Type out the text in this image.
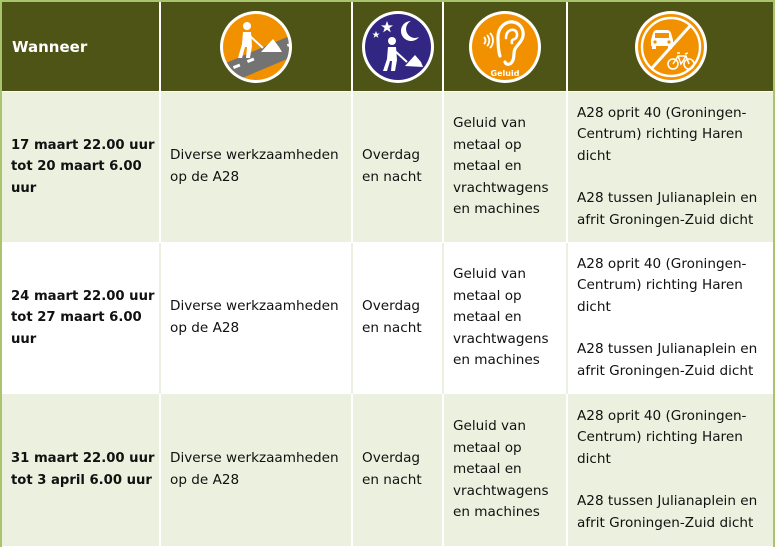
Wanneer			Geluid

17 maart 22.00 uur tot 20 maart 6.00 uur	Diverse werkzaamheden op de A28	Overdag en nacht	Geluid van metaal op metaal en vrachtwagens en machines	A28 oprit 40 (Groningen-Centrum) richting Haren dicht
A28 tussen Julianaplein en afrit Groningen-Zuid dicht

24 maart 22.00 uur tot 27 maart 6.00 uur	Diverse werkzaamheden op de A28	Overdag en nacht	Geluid van metaal op metaal en vrachtwagens en machines	A28 oprit 40 (Groningen-Centrum) richting Haren dicht
A28 tussen Julianaplein en afrit Groningen-Zuid dicht

31 maart 22.00 uur tot 3 april 6.00 uur	Diverse werkzaamheden op de A28	Overdag en nacht	Geluid van metaal op metaal en vrachtwagens en machines	A28 oprit 40 (Groningen-Centrum) richting Haren dicht
A28 tussen Julianaplein en afrit Groningen-Zuid dicht
